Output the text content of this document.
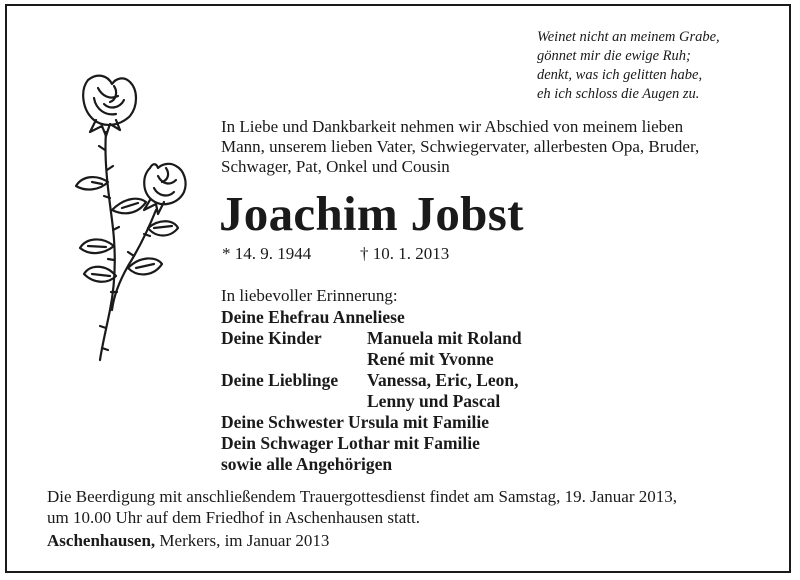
Weinet nicht an meinem Grabe,
gönnet mir die ewige Ruh;
denkt, was ich gelitten habe,
eh ich schloss die Augen zu.
In Liebe und Dankbarkeit nehmen wir Abschied von meinem lieben
Mann, unserem lieben Vater, Schwiegervater, allerbesten Opa, Bruder,
Schwager, Pat, Onkel und Cousin
Joachim Jobst
* 14. 9. 1944	† 10. 1. 2013
In liebevoller Erinnerung:
Deine Ehefrau Anneliese
Deine Kinder	Manuela mit Roland
René mit Yvonne
Deine Lieblinge Vanessa, Eric, Leon,
Lenny und Pascal
Deine Schwester Ursula mit Familie
Dein Schwager Lothar mit Familie
sowie alle Angehörigen
Die Beerdigung mit anschließendem Trauergottesdienst findet am Samstag, 19. Januar 2013,
um 10.00 Uhr auf dem Friedhof in Aschenhausen statt.
Aschenhausen, Merkers, im Januar 2013
